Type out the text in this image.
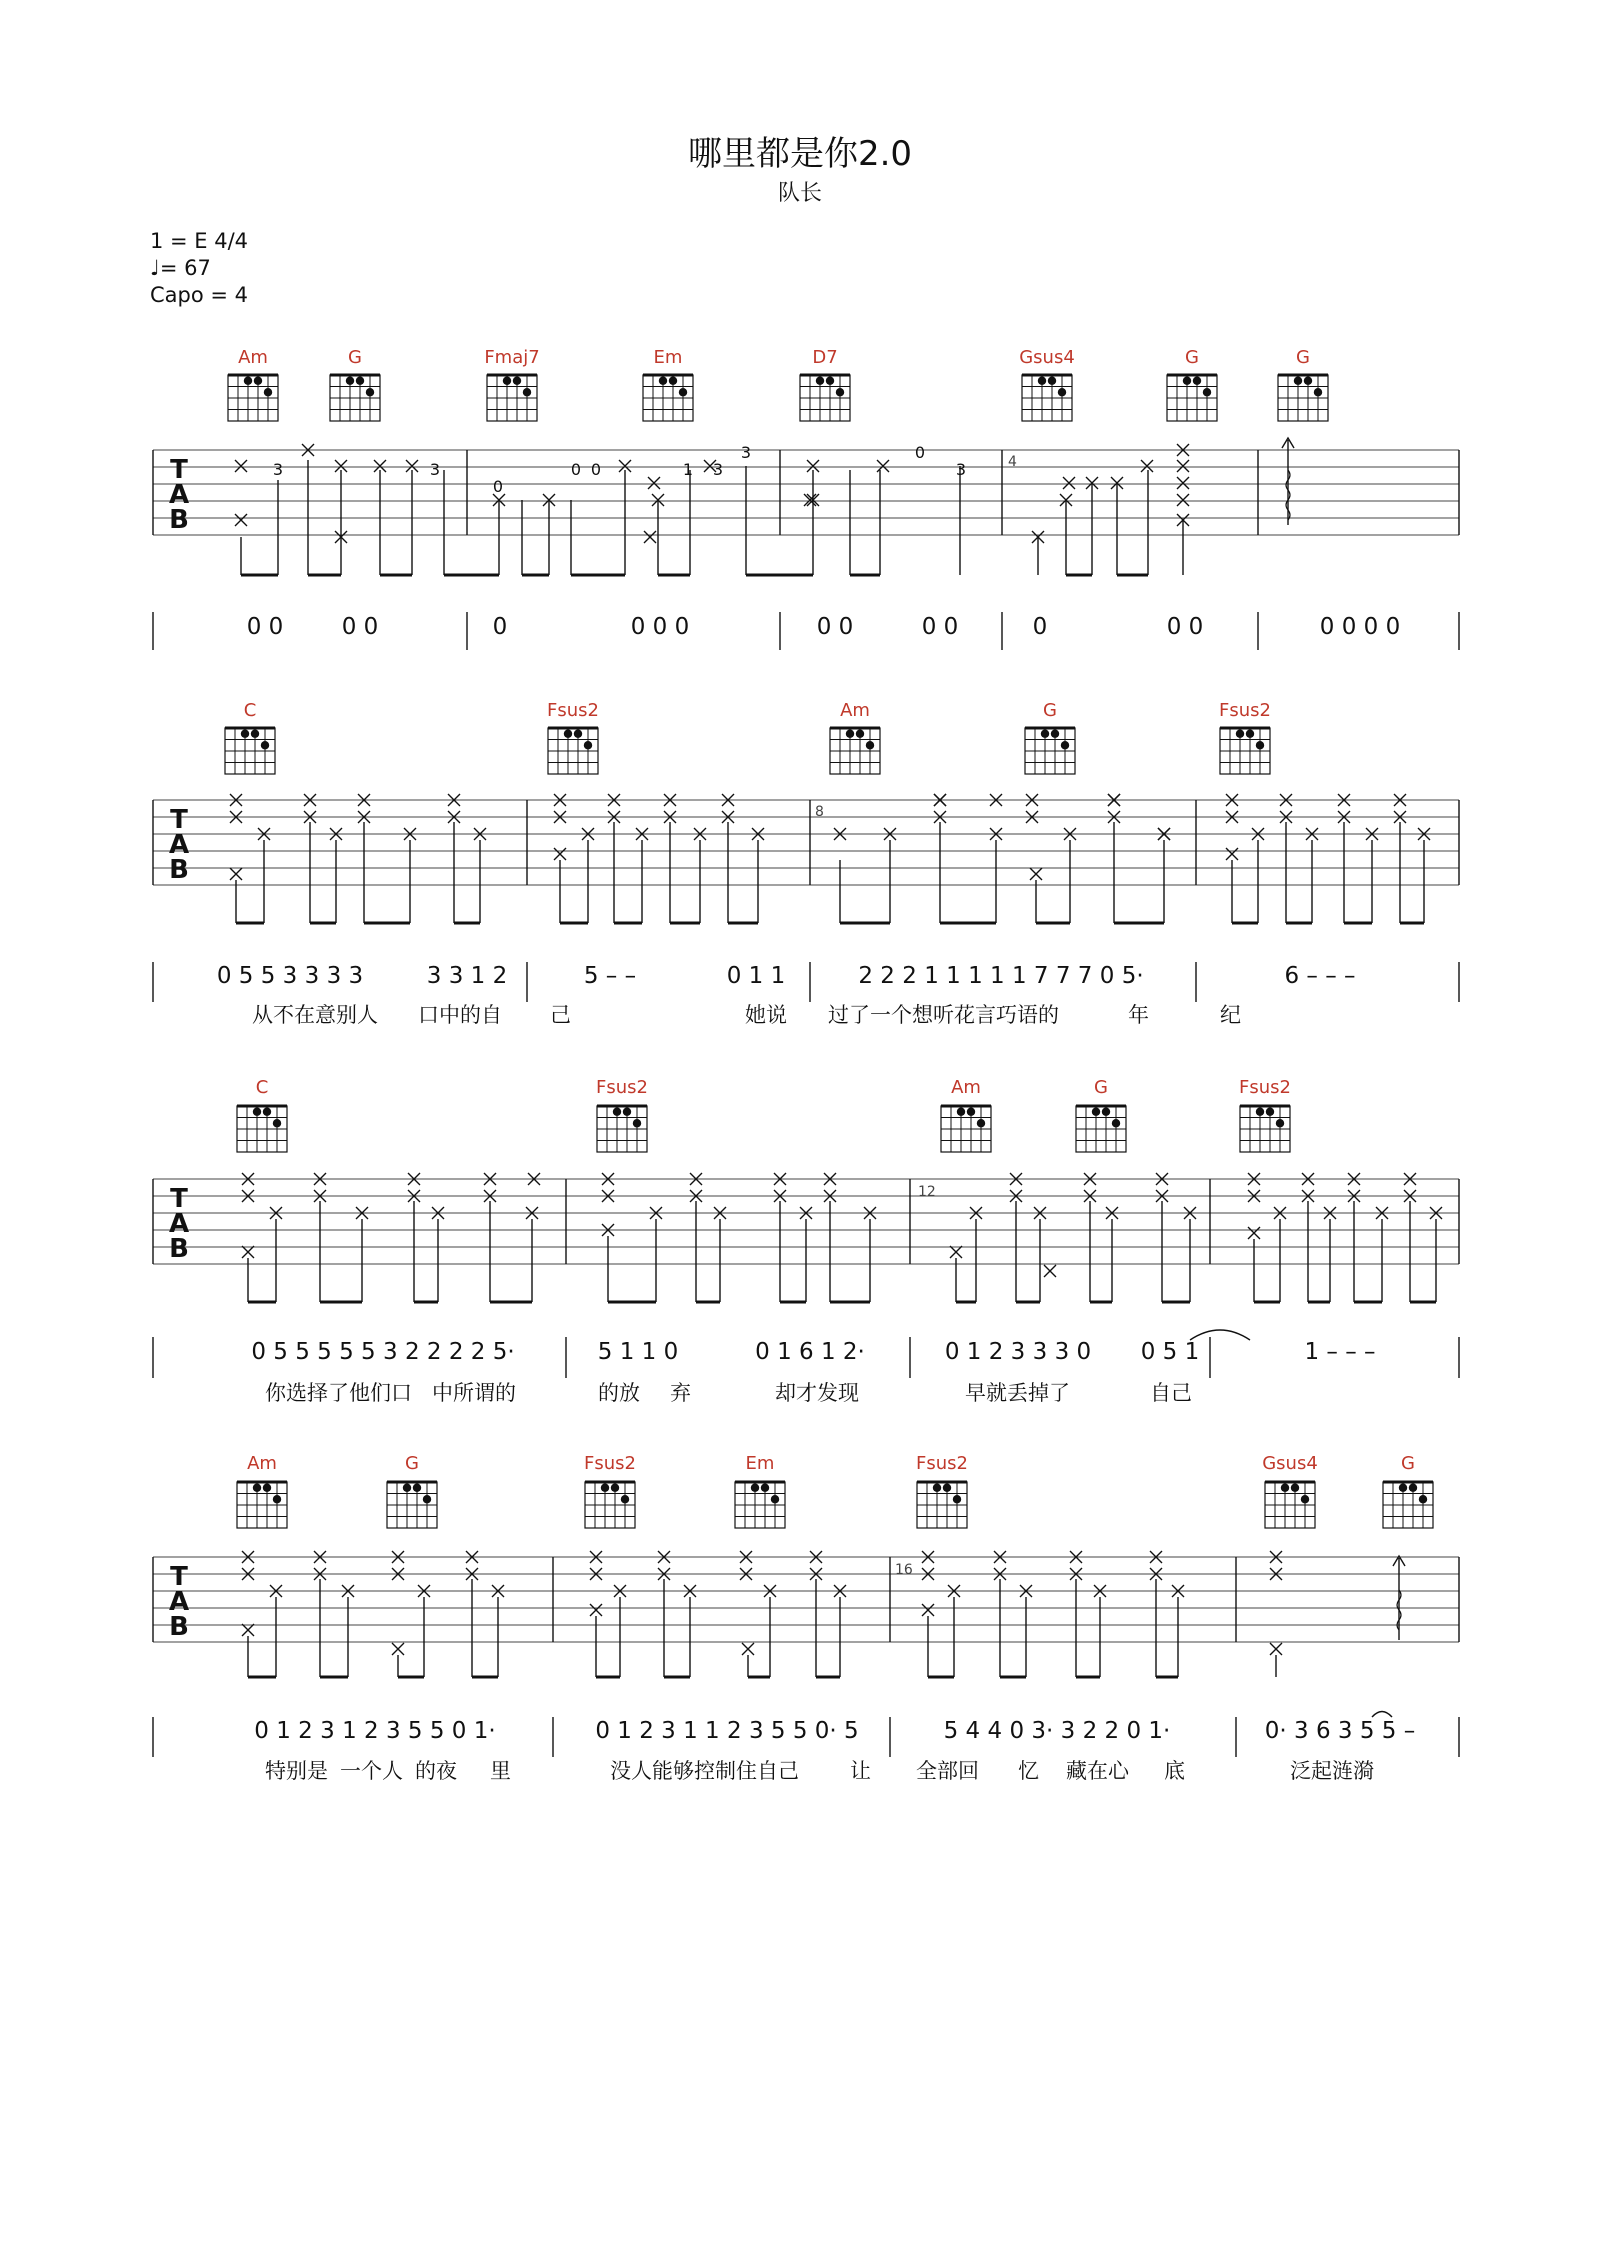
哪里都是你2.0
队长
1 = E 4/4
♩= 67
Capo = 4
Am	G	Fmaj7	Em	D7	Gsus4	G	G
T
A
B
4
3	3
0
0 0	1 3
3	0
3
0 0	0 0	0	0 0 0	0 0	0 0	0	0 0	0 0 0 0
C	Fsus2	Am	G	Fsus2
T
A
B
8
0 5 5 3 3 3 3	3 3 1 2	5 – –	0 1 1	2 2 2 1 1 1 1 1 7 7 7 0 5·	6 – – –
从不在意别人 口中的自 己	她说 过了一个想听花言巧语的	年	纪
C	Fsus2	Am	G	Fsus2
T
A
B
12
0 5 5 5 5 5 3 2 2 2 2 5·	5 1 1 0	0 1 6 1 2·	0 1 2 3 3 3 0 0 5 1	1 – – –
你选择了他们口 中所谓的	的放 弃	却才发现	早就丢掉了	自己
Am	G	Fsus2	Em	Fsus2	Gsus4	G
T
A
B
16
0 1 2 3 1 2 3 5 5 0 1·	0 1 2 3 1 1 2 3 5 5 0· 5	5 4 4 0 3· 3 2 2 0 1·	0· 3 6 3 5 5 –
特别是 一个人 的夜 里	没人能够控制住自己 让 全部回 忆 藏在心 底	泛起涟漪
